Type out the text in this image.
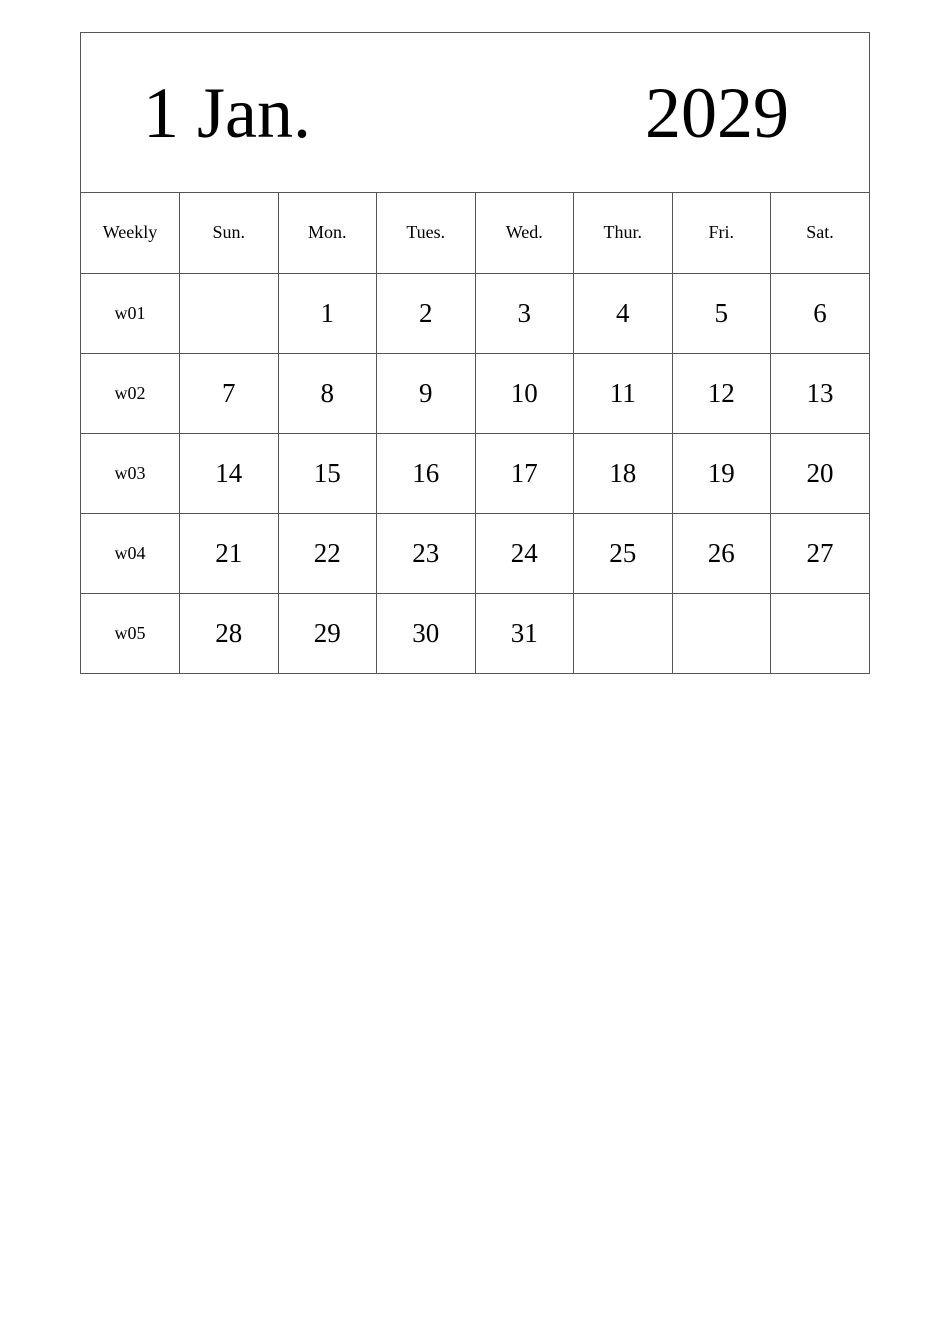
1 Jan.	2029
Weekly	Sun.	Mon.	Tues.	Wed.	Thur.	Fri.	Sat.
w01		1	2	3	4	5	6
w02	7	8	9	10	11	12	13
w03	14	15	16	17	18	19	20
w04	21	22	23	24	25	26	27
w05	28	29	30	31			
